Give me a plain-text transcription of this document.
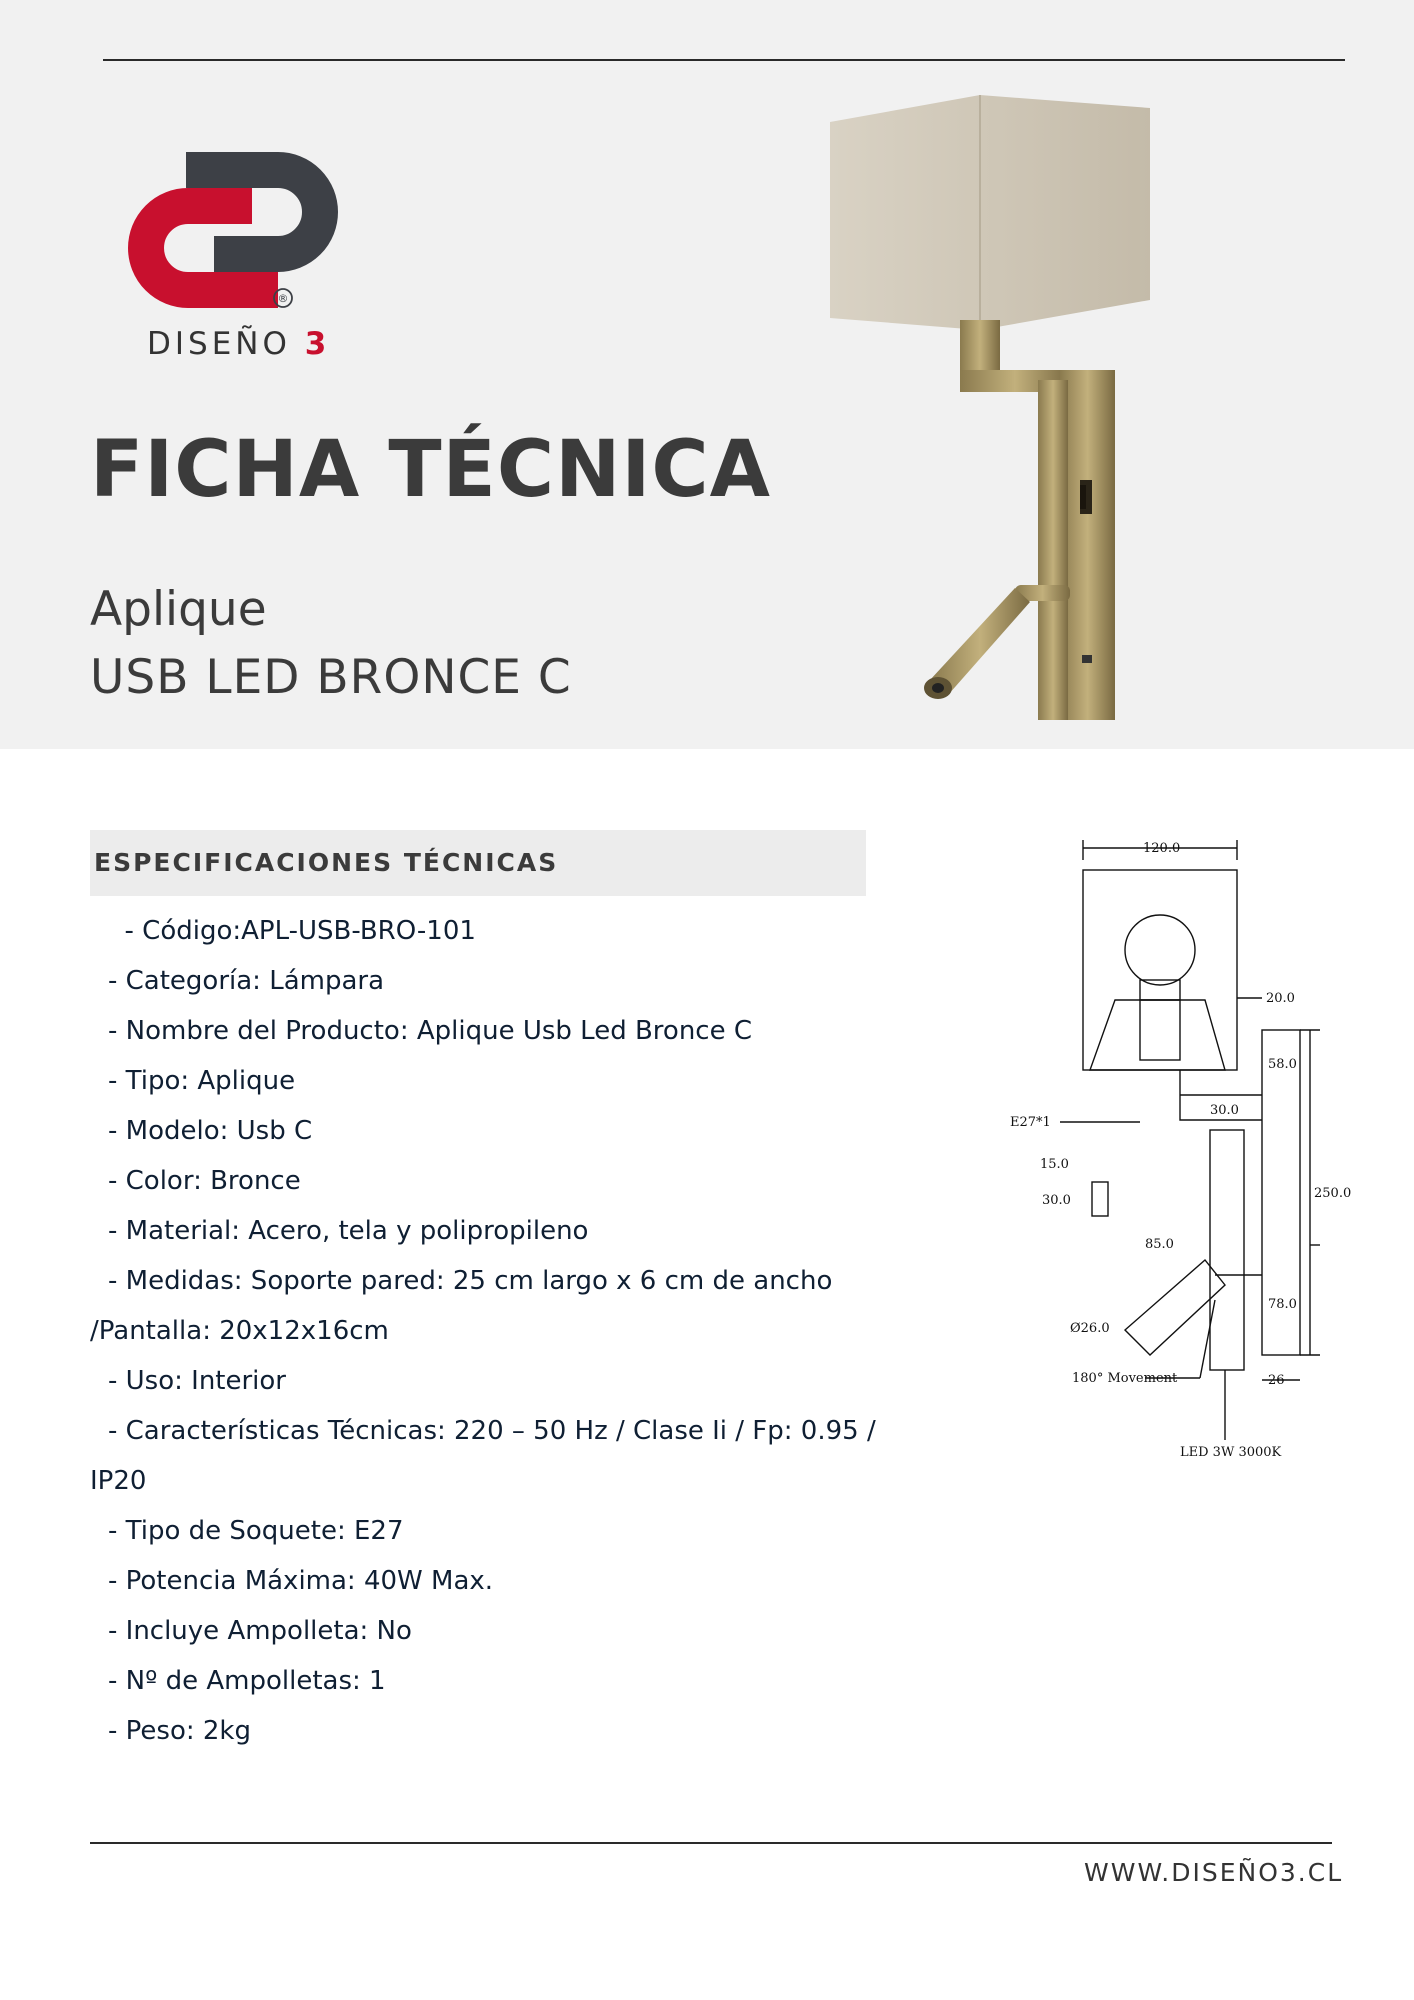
®
DISEÑO 3
FICHA TÉCNICA
Aplique
USB LED BRONCE C
ESPECIFICACIONES TÉCNICAS
- Código:APL-USB-BRO-101
- Categoría: Lámpara
- Nombre del Producto: Aplique Usb Led Bronce C
- Tipo: Aplique
- Modelo: Usb C
- Color: Bronce
- Material: Acero, tela y polipropileno
- Medidas: Soporte pared: 25 cm largo x 6 cm de ancho
/Pantalla: 20x12x16cm
- Uso: Interior
- Características Técnicas: 220 – 50 Hz / Clase Ii / Fp: 0.95 /
IP20
- Tipo de Soquete: E27
- Potencia Máxima: 40W Max.
- Incluye Ampolleta: No
- Nº de Ampolletas: 1
- Peso: 2kg
120.0
20.0
58.0
30.0
E27*1
15.0
30.0	250.0
85.0
78.0
Ø26.0
180° Movement	26
LED 3W 3000K
WWW.DISEÑO3.CL
